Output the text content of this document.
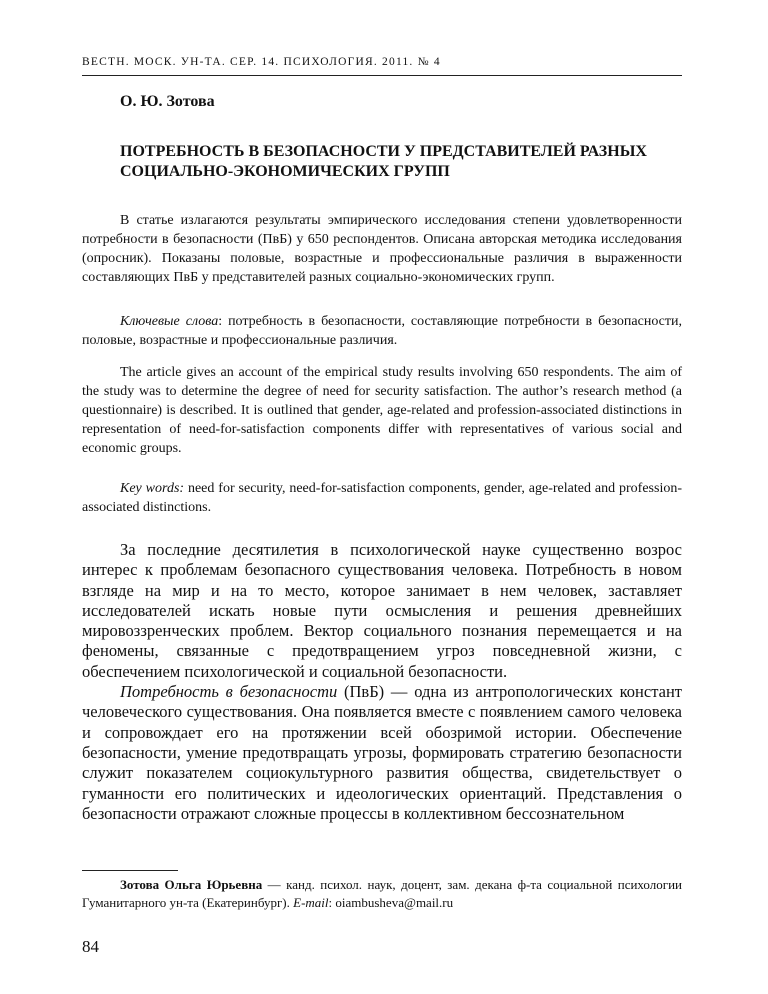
ВЕСТН. МОСК. УН-ТА. СЕР. 14. ПСИХОЛОГИЯ. 2011. № 4
О. Ю. Зотова
ПОТРЕБНОСТЬ В БЕЗОПАСНОСТИ У ПРЕДСТАВИТЕЛЕЙ РАЗНЫХ СОЦИАЛЬНО-ЭКОНОМИЧЕСКИХ ГРУПП

В статье излагаются результаты эмпирического исследования степени удовлетворенности потребности в безопасности (ПвБ) у 650 респондентов. Описана авторская методика исследования (опросник). Показаны половые, возрастные и профессиональные различия в выраженности составляющих ПвБ у представителей разных социально-экономических групп.

Ключевые слова: потребность в безопасности, составляющие потребности в безопасности, половые, возрастные и профессиональные различия.

The article gives an account of the empirical study results involving 650 respondents. The aim of the study was to determine the degree of need for security satisfaction. The author’s research method (a questionnaire) is described. It is outlined that gender, age-related and profession-associated distinctions in representation of need-for-satisfaction components differ with representatives of various social and economic groups.

Key words: need for security, need-for-satisfaction components, gender, age-related and profession-associated distinctions.

За последние десятилетия в психологической науке существенно возрос интерес к проблемам безопасного существования человека. Потребность в новом взгляде на мир и на то место, которое занимает в нем человек, заставляет исследователей искать новые пути осмысления и решения древнейших мировоззренческих проблем. Вектор социального познания перемещается и на феномены, связанные с предотвращением угроз повседневной жизни, с обеспечением психологической и социальной безопасности.

Потребность в безопасности (ПвБ) — одна из антропологических констант человеческого существования. Она появляется вместе с появлением самого человека и сопровождает его на протяжении всей обозримой истории. Обеспечение безопасности, умение предотвращать угрозы, формировать стратегию безопасности служит показателем социокультурного развития общества, свидетельствует о гуманности его политических и идеологических ориентаций. Представления о безопасности отражают сложные процессы в коллективном бессознательном

Зотова Ольга Юрьевна — канд. психол. наук, доцент, зам. декана ф-та социальной психологии Гуманитарного ун-та (Екатеринбург). E-mail: oiambusheva@mail.ru

84
